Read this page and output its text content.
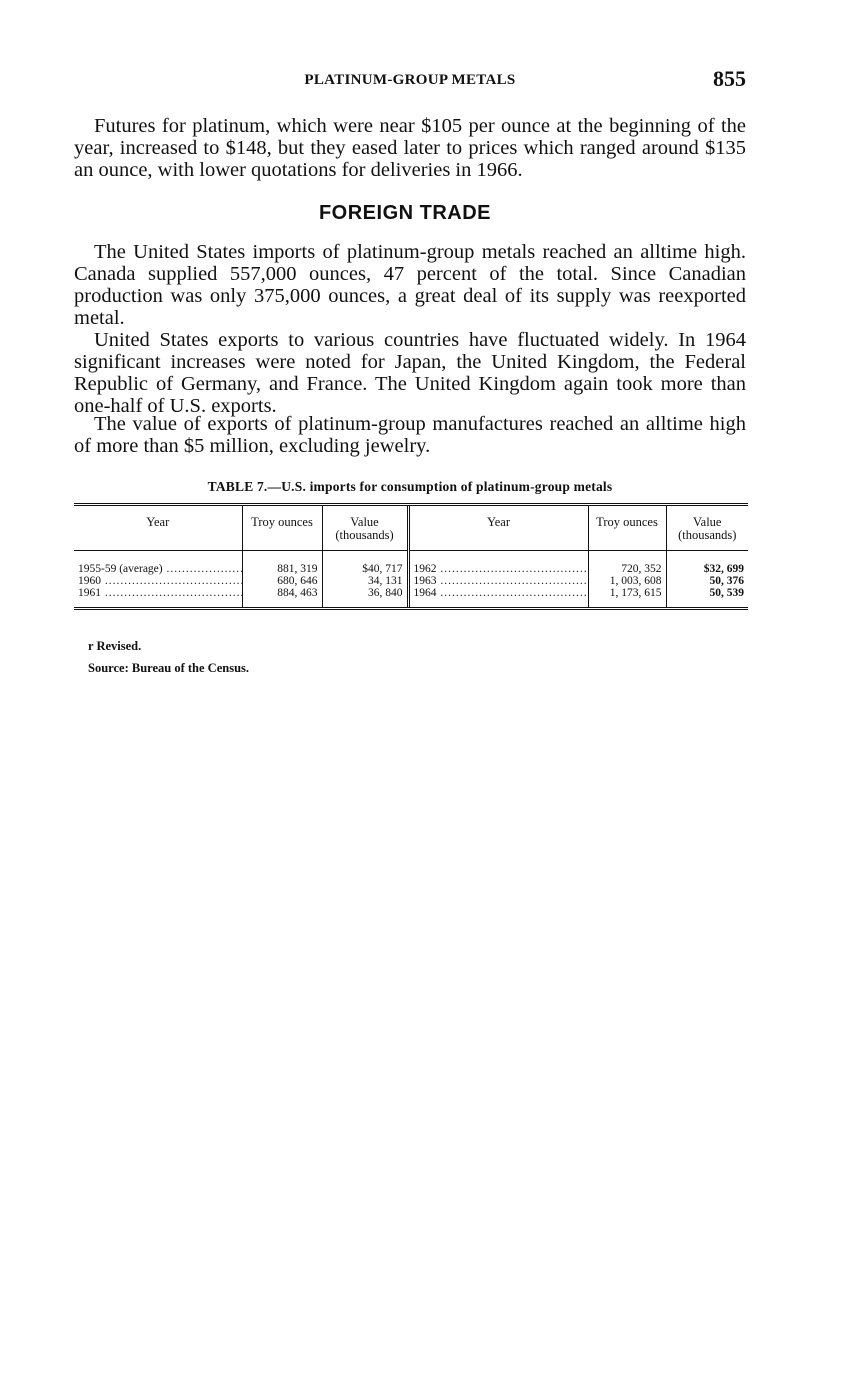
PLATINUM-GROUP METALS	855

Futures for platinum, which were near $105 per ounce at the beginning of the year, increased to $148, but they eased later to prices which ranged around $135 an ounce, with lower quotations for deliveries in 1966.

FOREIGN TRADE

The United States imports of platinum-group metals reached an alltime high. Canada supplied 557,000 ounces, 47 percent of the total. Since Canadian production was only 375,000 ounces, a great deal of its supply was reexported metal.

United States exports to various countries have fluctuated widely. In 1964 significant increases were noted for Japan, the United Kingdom, the Federal Republic of Germany, and France. The United Kingdom again took more than one-half of U.S. exports.

The value of exports of platinum-group manufactures reached an alltime high of more than $5 million, excluding jewelry.

TABLE 7.—U.S. imports for consumption of platinum-group metals
Year	Troy ounces	Value (thousands)	Year	Troy ounces	Value (thousands)
1955-59 (average) .....	881, 319	$40, 717	1962 .....	720, 352	$32, 699
1960 .....	680, 646	34, 131	1963 .....	1, 003, 608	50, 376
1961 .....	884, 463	36, 840	1964 .....	1, 173, 615	50, 539
r Revised.
Source: Bureau of the Census.
